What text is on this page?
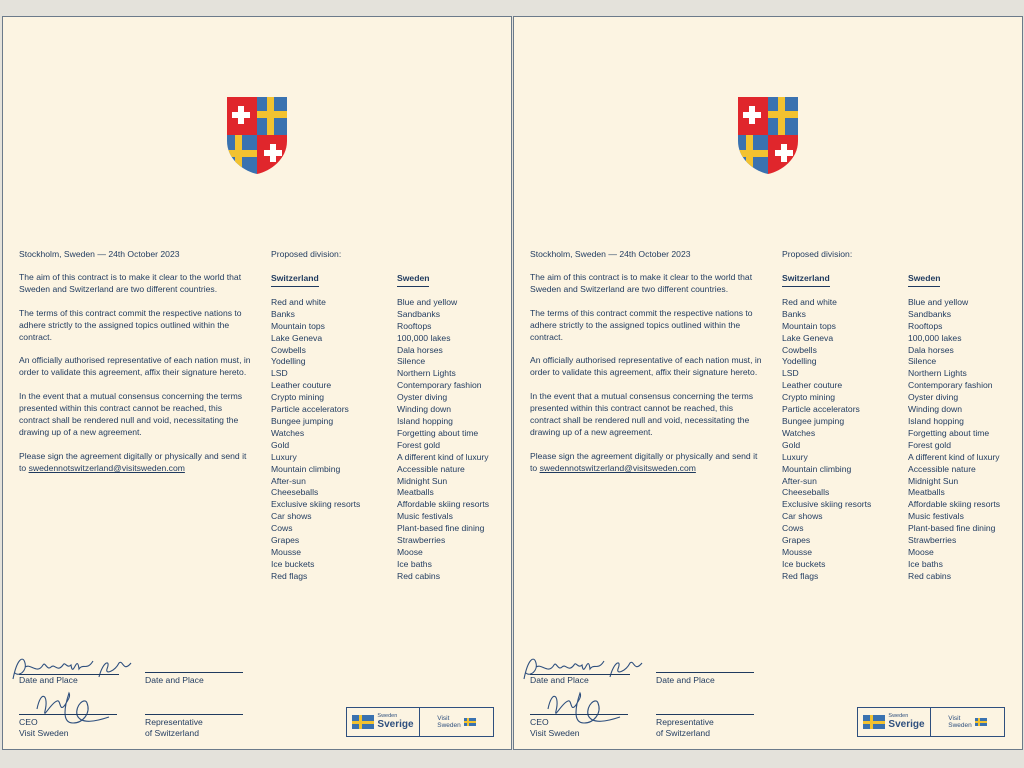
Stockholm, Sweden — 24th October 2023

The aim of this contract is to make it clear to the world that Sweden and Switzerland are two different countries.

The terms of this contract commit the respective nations to adhere strictly to the assigned topics outlined within the contract.

An officially authorised representative of each nation must, in order to validate this agreement, affix their signature hereto.

In the event that a mutual consensus concerning the terms presented within this contract cannot be reached, this contract shall be rendered null and void, necessitating the drawing up of a new agreement.

Please sign the agreement digitally or physically and send it to swedennotswitzerland@visitsweden.com

Proposed division:
Switzerland
Red and white
Banks
Mountain tops
Lake Geneva
Cowbells
Yodelling
LSD
Leather couture
Crypto mining
Particle accelerators
Bungee jumping
Watches
Gold
Luxury
Mountain climbing
After-sun
Cheeseballs
Exclusive skiing resorts
Car shows
Cows
Grapes
Mousse
Ice buckets
Red flags
Sweden
Blue and yellow
Sandbanks
Rooftops
100,000 lakes
Dala horses
Silence
Northern Lights
Contemporary fashion
Oyster diving
Winding down
Island hopping
Forgetting about time
Forest gold
A different kind of luxury
Accessible nature
Midnight Sun
Meatballs
Affordable skiing resorts
Music festivals
Plant-based fine dining
Strawberries
Moose
Ice baths
Red cabins
Date and Place	Date and Place
CEO
Visit Sweden
Representative
of Switzerland
Sweden
Sverige
Visit
Sweden

Stockholm, Sweden — 24th October 2023

The aim of this contract is to make it clear to the world that Sweden and Switzerland are two different countries.

The terms of this contract commit the respective nations to adhere strictly to the assigned topics outlined within the contract.

An officially authorised representative of each nation must, in order to validate this agreement, affix their signature hereto.

In the event that a mutual consensus concerning the terms presented within this contract cannot be reached, this contract shall be rendered null and void, necessitating the drawing up of a new agreement.

Please sign the agreement digitally or physically and send it to swedennotswitzerland@visitsweden.com

Proposed division:
Switzerland
Red and white
Banks
Mountain tops
Lake Geneva
Cowbells
Yodelling
LSD
Leather couture
Crypto mining
Particle accelerators
Bungee jumping
Watches
Gold
Luxury
Mountain climbing
After-sun
Cheeseballs
Exclusive skiing resorts
Car shows
Cows
Grapes
Mousse
Ice buckets
Red flags
Sweden
Blue and yellow
Sandbanks
Rooftops
100,000 lakes
Dala horses
Silence
Northern Lights
Contemporary fashion
Oyster diving
Winding down
Island hopping
Forgetting about time
Forest gold
A different kind of luxury
Accessible nature
Midnight Sun
Meatballs
Affordable skiing resorts
Music festivals
Plant-based fine dining
Strawberries
Moose
Ice baths
Red cabins
Date and Place	Date and Place
CEO
Visit Sweden
Representative
of Switzerland
Sweden
Sverige
Visit
Sweden
